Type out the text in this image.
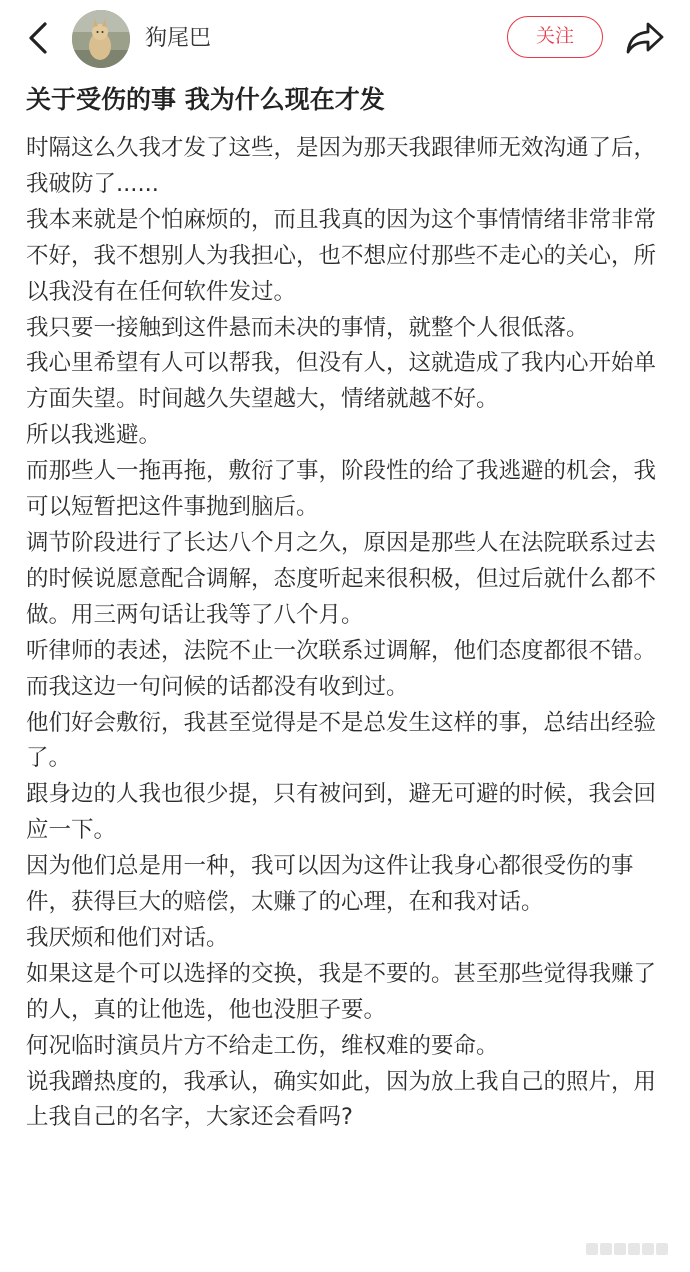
狗尾巴	关注
关于受伤的事 我为什么现在才发

时隔这么久我才发了这些，是因为那天我跟律师无效沟通了后，我破防了......

我本来就是个怕麻烦的，而且我真的因为这个事情情绪非常非常不好，我不想别人为我担心，也不想应付那些不走心的关心，所以我没有在任何软件发过。

我只要一接触到这件悬而未决的事情，就整个人很低落。

我心里希望有人可以帮我，但没有人，这就造成了我内心开始单方面失望。时间越久失望越大，情绪就越不好。

所以我逃避。

而那些人一拖再拖，敷衍了事，阶段性的给了我逃避的机会，我可以短暂把这件事抛到脑后。

调节阶段进行了长达八个月之久，原因是那些人在法院联系过去的时候说愿意配合调解，态度听起来很积极，但过后就什么都不做。用三两句话让我等了八个月。

听律师的表述，法院不止一次联系过调解，他们态度都很不错。而我这边一句问候的话都没有收到过。

他们好会敷衍，我甚至觉得是不是总发生这样的事，总结出经验了。

跟身边的人我也很少提，只有被问到，避无可避的时候，我会回应一下。

因为他们总是用一种，我可以因为这件让我身心都很受伤的事件，获得巨大的赔偿，太赚了的心理，在和我对话。

我厌烦和他们对话。

如果这是个可以选择的交换，我是不要的。甚至那些觉得我赚了的人，真的让他选，他也没胆子要。

何况临时演员片方不给走工伤，维权难的要命。

说我蹭热度的，我承认，确实如此，因为放上我自己的照片，用上我自己的名字，大家还会看吗?
